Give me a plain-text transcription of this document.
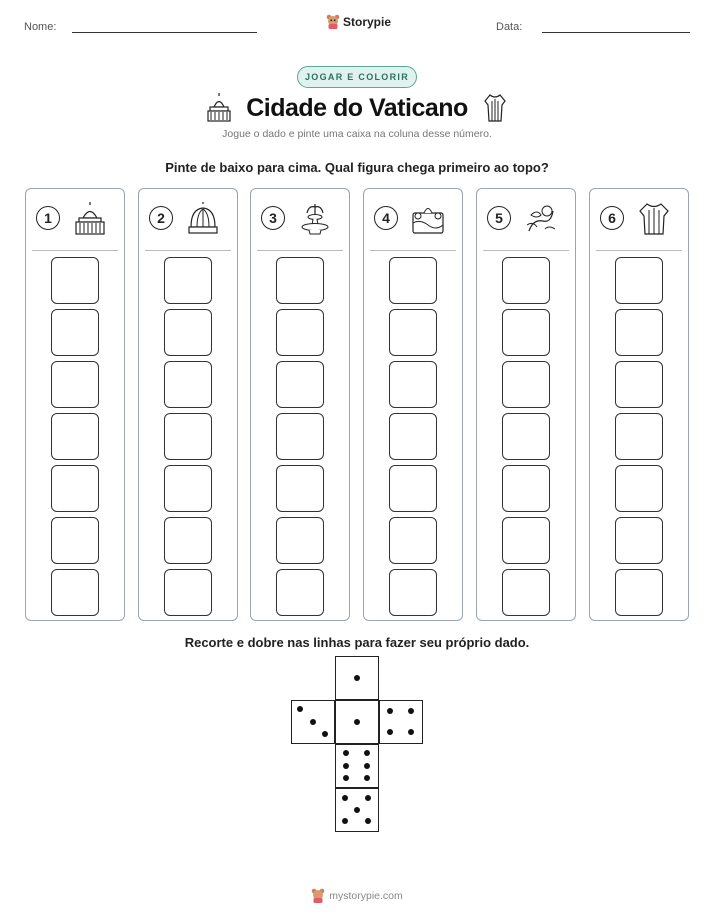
Nome:	Storypie	Data:
JOGAR E COLORIR
Cidade do Vaticano
Jogue o dado e pinte uma caixa na coluna desse número.
Pinte de baixo para cima. Qual figura chega primeiro ao topo?
1	2	3	4	5	6
Recorte e dobre nas linhas para fazer seu próprio dado.
mystorypie.com
